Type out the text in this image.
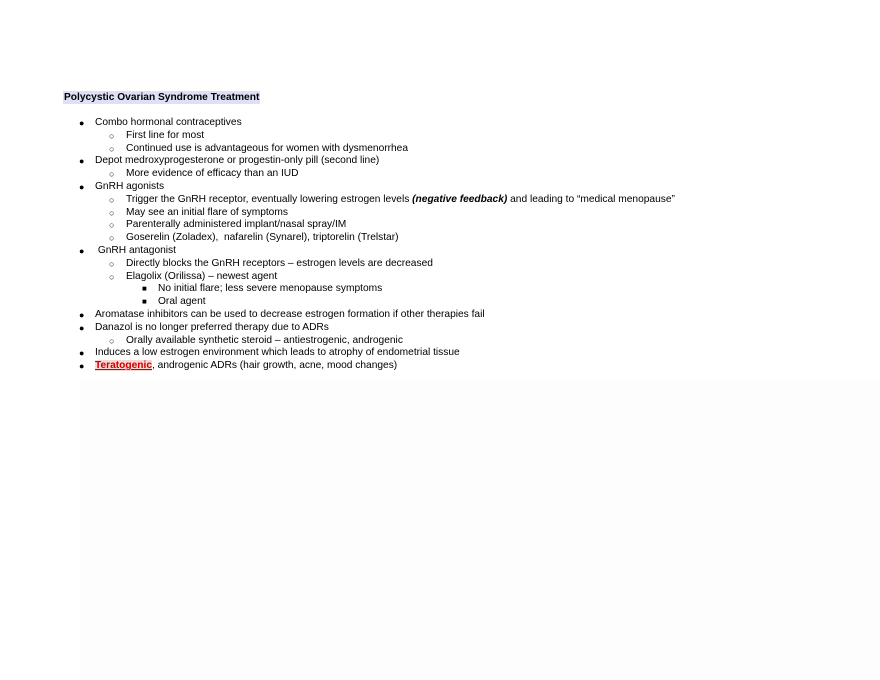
Polycystic Ovarian Syndrome Treatment
● Combo hormonal contraceptives
○ First line for most
○ Continued use is advantageous for women with dysmenorrhea
● Depot medroxyprogesterone or progestin-only pill (second line)
○ More evidence of efficacy than an IUD
● GnRH agonists
○ Trigger the GnRH receptor, eventually lowering estrogen levels (negative feedback) and leading to “medical menopause”
○ May see an initial flare of symptoms
○ Parenterally administered implant/nasal spray/IM
○ Goserelin (Zoladex),  nafarelin (Synarel), triptorelin (Trelstar)
● GnRH antagonist
○ Directly blocks the GnRH receptors – estrogen levels are decreased
○ Elagolix (Orilissa) – newest agent
■ No initial flare; less severe menopause symptoms
■ Oral agent
● Aromatase inhibitors can be used to decrease estrogen formation if other therapies fail
● Danazol is no longer preferred therapy due to ADRs
○ Orally available synthetic steroid – antiestrogenic, androgenic
● Induces a low estrogen environment which leads to atrophy of endometrial tissue
● Teratogenic, androgenic ADRs (hair growth, acne, mood changes)
